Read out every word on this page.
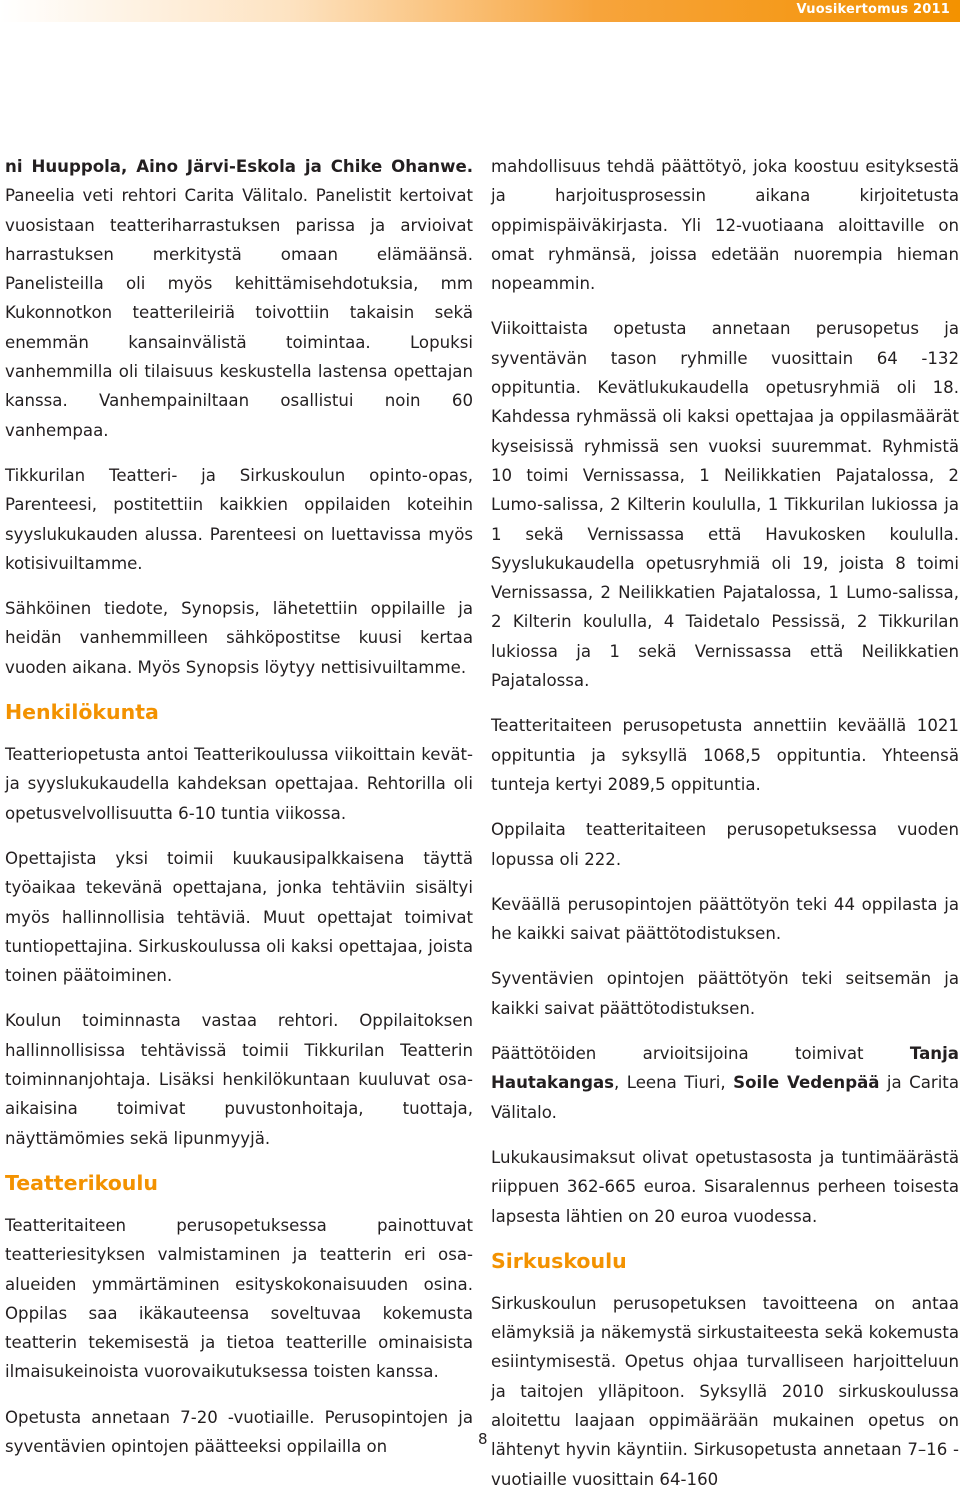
Vuosikertomus 2011

ni Huuppola, Aino Järvi-Eskola ja Chike Ohanwe. Paneelia veti rehtori Carita Välitalo. Panelistit kertoivat vuosistaan teatteriharrastuksen parissa ja arvioivat harrastuksen merkitystä omaan elämäänsä. Panelisteilla oli myös kehittämisehdotuksia, mm Kukonnotkon teatterileiriä toivottiin takaisin sekä enemmän kansainvälistä toimintaa. Lopuksi vanhemmilla oli tilaisuus keskustella lastensa opettajan kanssa. Vanhempainiltaan osallistui noin 60 vanhempaa.

Tikkurilan Teatteri- ja Sirkuskoulun opinto-opas, Parenteesi, postitettiin kaikkien oppilaiden koteihin syyslukukauden alussa. Parenteesi on luettavissa myös kotisivuiltamme.

Sähköinen tiedote, Synopsis, lähetettiin oppilaille ja heidän vanhemmilleen sähköpostitse kuusi kertaa vuoden aikana. Myös Synopsis löytyy nettisivuiltamme.

Henkilökunta

Teatteriopetusta antoi Teatterikoulussa viikoittain kevät- ja syyslukukaudella kahdeksan opettajaa. Rehtorilla oli opetusvelvollisuutta 6-10 tuntia viikossa.

Opettajista yksi toimii kuukausipalkkaisena täyttä työaikaa tekevänä opettajana, jonka tehtäviin sisältyi myös hallinnollisia tehtäviä. Muut opettajat toimivat tuntiopettajina. Sirkuskoulussa oli kaksi opettajaa, joista toinen päätoiminen.

Koulun toiminnasta vastaa rehtori. Oppilaitoksen hallinnollisissa tehtävissä toimii Tikkurilan Teatterin toiminnanjohtaja. Lisäksi henkilökuntaan kuuluvat osa-aikaisina toimivat puvustonhoitaja, tuottaja, näyttämömies sekä lipunmyyjä.

Teatterikoulu

Teatteritaiteen perusopetuksessa painottuvat teatteriesityksen valmistaminen ja teatterin eri osa-alueiden ymmärtäminen esityskokonaisuuden osina. Oppilas saa ikäkauteensa soveltuvaa kokemusta teatterin tekemisestä ja tietoa teatterille ominaisista ilmaisukeinoista vuorovaikutuksessa toisten kanssa.

Opetusta annetaan 7-20 -vuotiaille. Perusopintojen ja syventävien opintojen päätteeksi oppilailla on

mahdollisuus tehdä päättötyö, joka koostuu esityksestä ja harjoitusprosessin aikana kirjoitetusta oppimispäiväkirjasta. Yli 12-vuotiaana aloittaville on omat ryhmänsä, joissa edetään nuorempia hieman nopeammin.

Viikoittaista opetusta annetaan perusopetus ja syventävän tason ryhmille vuosittain 64 -132 oppituntia. Kevätlukukaudella opetusryhmiä oli 18. Kahdessa ryhmässä oli kaksi opettajaa ja oppilasmäärät kyseisissä ryhmissä sen vuoksi suuremmat. Ryhmistä 10 toimi Vernissassa, 1 Neilikkatien Pajatalossa, 2 Lumo-salissa, 2 Kilterin koululla, 1 Tikkurilan lukiossa ja 1 sekä Vernissassa että Havukosken koululla. Syyslukukaudella opetusryhmiä oli 19, joista 8 toimi Vernissassa, 2 Neilikkatien Pajatalossa, 1 Lumo-salissa, 2 Kilterin koululla, 4 Taidetalo Pessissä, 2 Tikkurilan lukiossa ja 1 sekä Vernissassa että Neilikkatien Pajatalossa.

Teatteritaiteen perusopetusta annettiin keväällä 1021 oppituntia ja syksyllä 1068,5 oppituntia. Yhteensä tunteja kertyi 2089,5 oppituntia.

Oppilaita teatteritaiteen perusopetuksessa vuoden lopussa oli 222.

Keväällä perusopintojen päättötyön teki 44 oppilasta ja he kaikki saivat päättötodistuksen.

Syventävien opintojen päättötyön teki seitsemän ja kaikki saivat päättötodistuksen.

Päättötöiden arvioitsijoina toimivat Tanja Hautakangas, Leena Tiuri, Soile Vedenpää ja Carita Välitalo.

Lukukausimaksut olivat opetustasosta ja tuntimäärästä riippuen 362-665 euroa. Sisaralennus perheen toisesta lapsesta lähtien on 20 euroa vuodessa.

Sirkuskoulu

Sirkuskoulun perusopetuksen tavoitteena on antaa elämyksiä ja näkemystä sirkustaiteesta sekä kokemusta esiintymisestä. Opetus ohjaa turvalliseen harjoitteluun ja taitojen ylläpitoon. Syksyllä 2010 sirkuskoulussa aloitettu laajaan oppimäärään mukainen opetus on lähtenyt hyvin käyntiin. Sirkusopetusta annetaan 7–16 -vuotiaille vuosittain 64-160

8
